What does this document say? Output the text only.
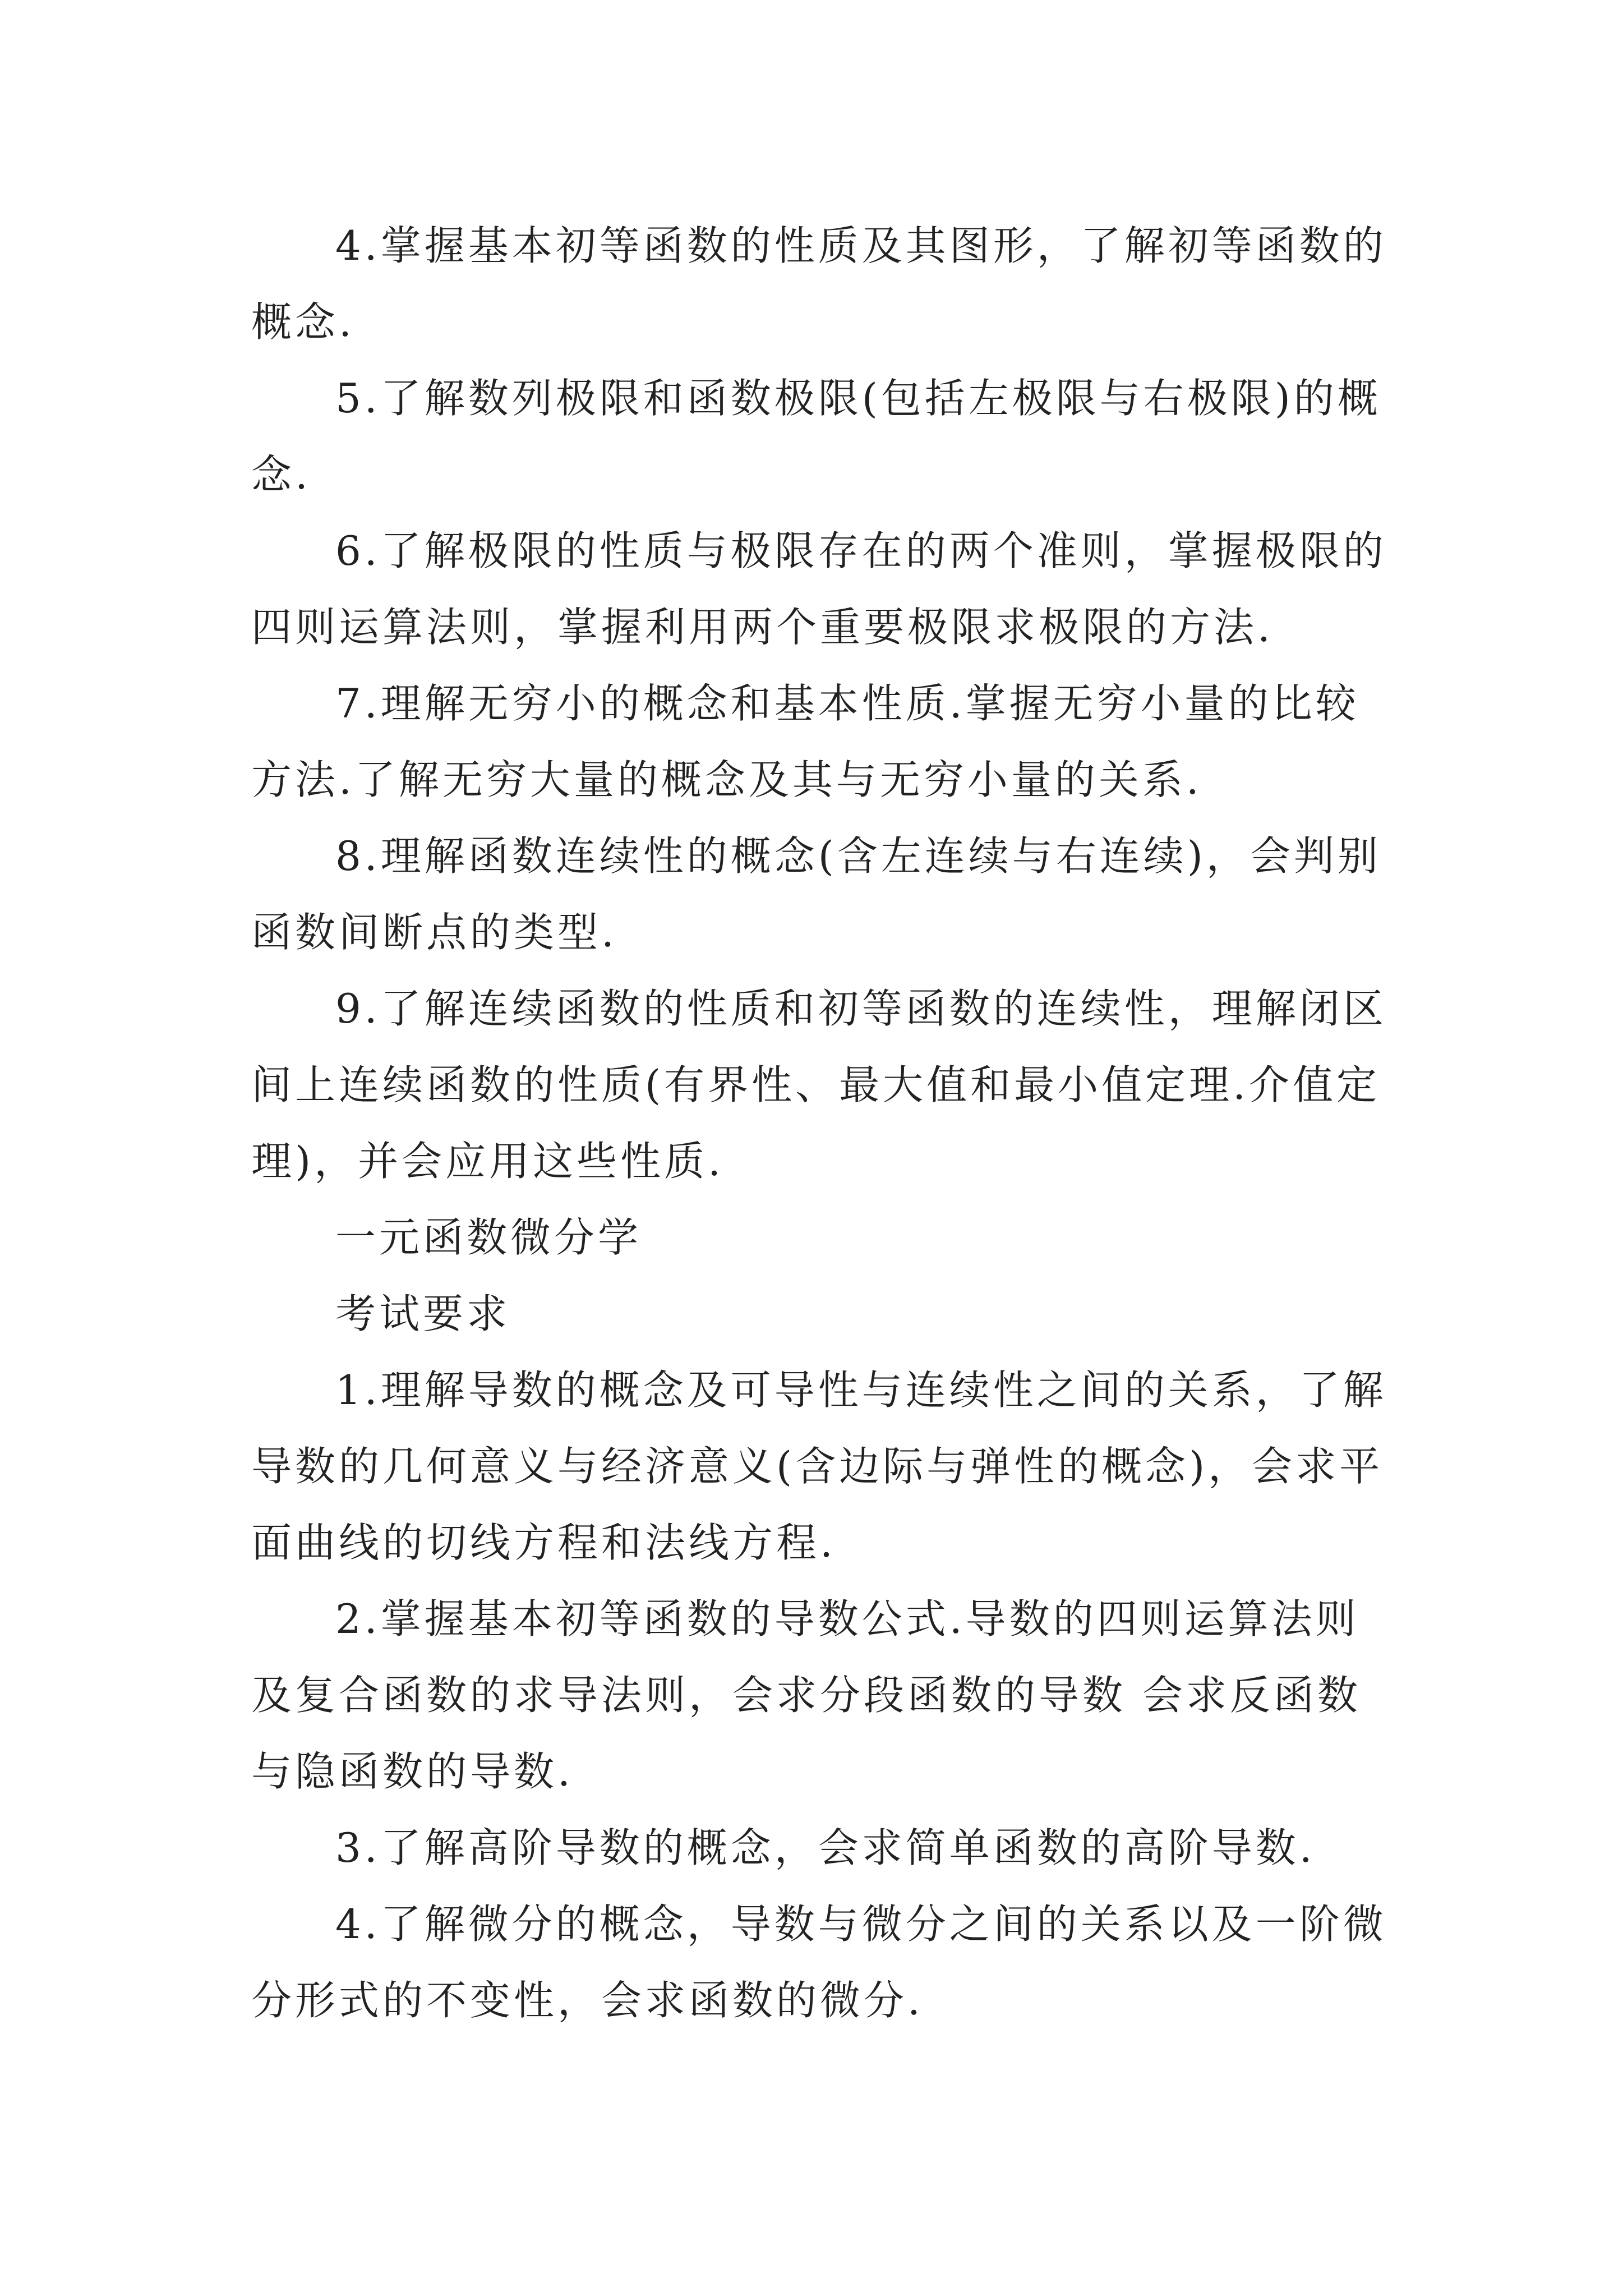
4.掌握基本初等函数的性质及其图形，了解初等函数的概念.

5.了解数列极限和函数极限(包括左极限与右极限)的概念.

6.了解极限的性质与极限存在的两个准则，掌握极限的四则运算法则，掌握利用两个重要极限求极限的方法.

7.理解无穷小的概念和基本性质.掌握无穷小量的比较方法.了解无穷大量的概念及其与无穷小量的关系.

8.理解函数连续性的概念(含左连续与右连续)，会判别函数间断点的类型.

9.了解连续函数的性质和初等函数的连续性，理解闭区间上连续函数的性质(有界性、最大值和最小值定理.介值定理)，并会应用这些性质.

一元函数微分学

考试要求

1.理解导数的概念及可导性与连续性之间的关系，了解导数的几何意义与经济意义(含边际与弹性的概念)，会求平面曲线的切线方程和法线方程.

2.掌握基本初等函数的导数公式.导数的四则运算法则及复合函数的求导法则，会求分段函数的导数 会求反函数与隐函数的导数.

3.了解高阶导数的概念，会求简单函数的高阶导数.

4.了解微分的概念，导数与微分之间的关系以及一阶微分形式的不变性，会求函数的微分.
